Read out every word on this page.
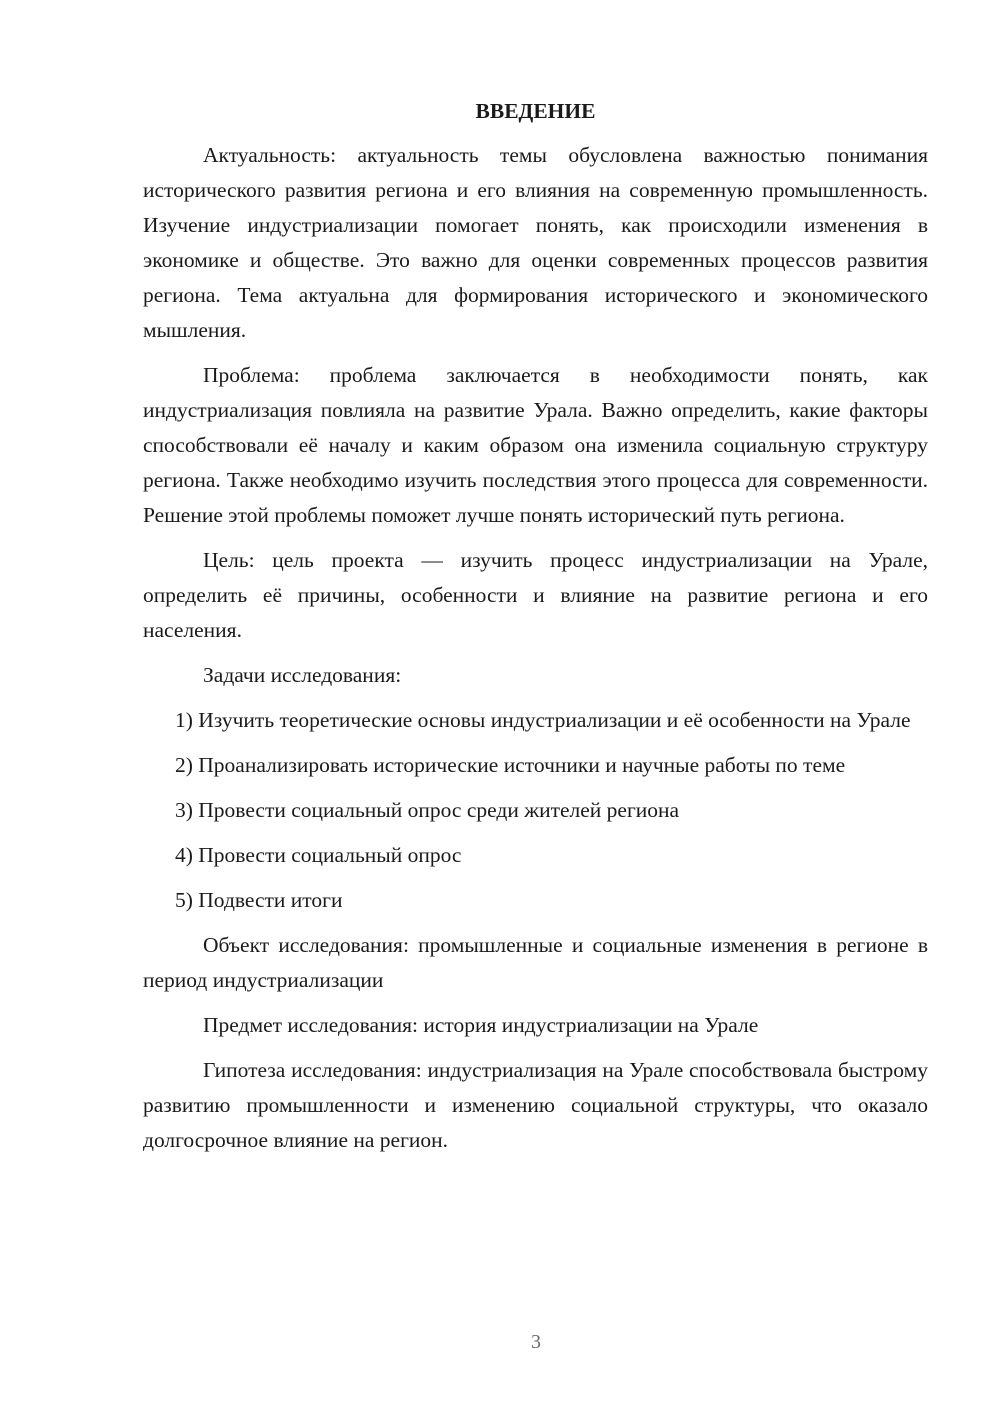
ВВЕДЕНИЕ

Актуальность: актуальность темы обусловлена важностью понимания исторического развития региона и его влияния на современную промышленность. Изучение индустриализации помогает понять, как происходили изменения в экономике и обществе. Это важно для оценки современных процессов развития региона. Тема актуальна для формирования исторического и экономического мышления.

Проблема: проблема заключается в необходимости понять, как индустриализация повлияла на развитие Урала. Важно определить, какие факторы способствовали её началу и каким образом она изменила социальную структуру региона. Также необходимо изучить последствия этого процесса для современности. Решение этой проблемы поможет лучше понять исторический путь региона.

Цель: цель проекта — изучить процесс индустриализации на Урале, определить её причины, особенности и влияние на развитие региона и его населения.

Задачи исследования:

1) Изучить теоретические основы индустриализации и её особенности на Урале

2) Проанализировать исторические источники и научные работы по теме

3) Провести социальный опрос среди жителей региона

4) Провести социальный опрос

5) Подвести итоги

Объект исследования: промышленные и социальные изменения в регионе в период индустриализации

Предмет исследования: история индустриализации на Урале

Гипотеза исследования: индустриализация на Урале способствовала быстрому развитию промышленности и изменению социальной структуры, что оказало долгосрочное влияние на регион.

3
